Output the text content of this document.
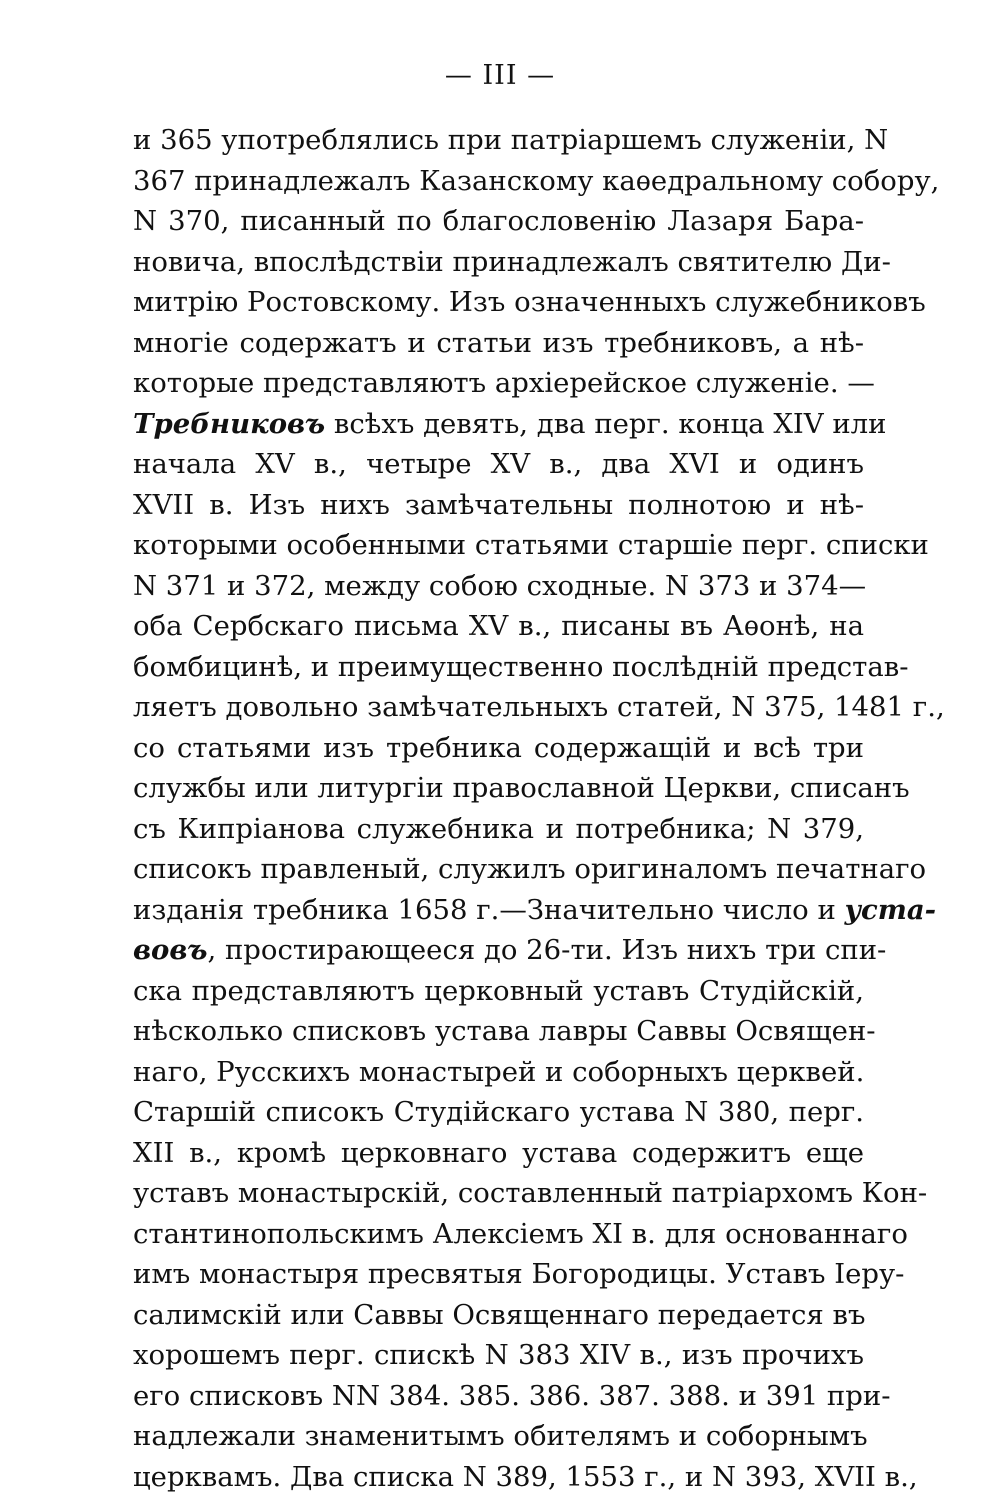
— III —
и 365 употреблялись при патріаршемъ служеніи, N
367 принадлежалъ Казанскому каѳедральному собору,
N 370, писанный по благословенію Лазаря Бара-
новича, впослѣдствіи принадлежалъ святителю Ди-
митрію Ростовскому. Изъ означенныхъ служебниковъ
многіе содержатъ и статьи изъ требниковъ, а нѣ-
которые представляютъ архіерейское служеніе. —
Требниковъ всѣхъ девять, два перг. конца XIV или
начала XV в., четыре XV в., два XVI и одинъ
XVII в. Изъ нихъ замѣчательны полнотою и нѣ-
которыми особенными статьями старшіе перг. списки
N 371 и 372, между собою сходные. N 373 и 374—
оба Сербскаго письма XV в., писаны въ Аѳонѣ, на
бомбицинѣ, и преимущественно послѣдній представ-
ляетъ довольно замѣчательныхъ статей, N 375, 1481 г.,
со статьями изъ требника содержащій и всѣ три
службы или литургіи православной Церкви, списанъ
съ Кипріанова служебника и потребника; N 379,
списокъ правленый, служилъ оригиналомъ печатнаго
изданія требника 1658 г.—Значительно число и уста-
вовъ, простирающееся до 26-ти. Изъ нихъ три спи-
ска представляютъ церковный уставъ Студійскій,
нѣсколько списковъ устава лавры Саввы Освящен-
наго, Русскихъ монастырей и соборныхъ церквей.
Старшій списокъ Студійскаго устава N 380, перг.
XII в., кромѣ церковнаго устава содержитъ еще
уставъ монастырскій, составленный патріархомъ Кон-
стантинопольскимъ Алексіемъ XI в. для основаннаго
имъ монастыря пресвятыя Богородицы. Уставъ Іеру-
салимскій или Саввы Освященнаго передается въ
хорошемъ перг. спискѣ N 383 XIV в., изъ прочихъ
его списковъ NN 384. 385. 386. 387. 388. и 391 при-
надлежали знаменитымъ обителямъ и соборнымъ
церквамъ. Два списка N 389, 1553 г., и N 393, XVII в.,
